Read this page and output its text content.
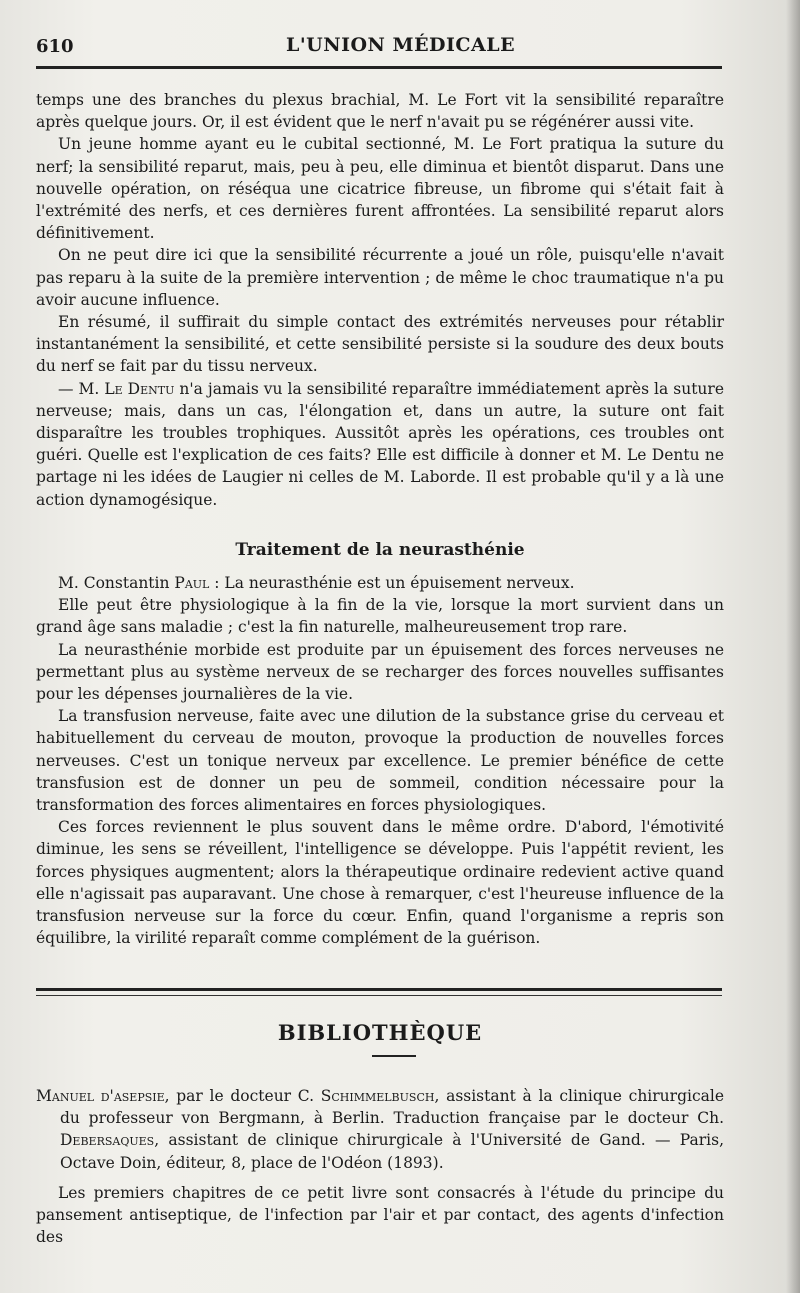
610	L'UNION MÉDICALE

temps une des branches du plexus brachial, M. Le Fort vit la sensibilité reparaître après quelque jours. Or, il est évident que le nerf n'avait pu se régénérer aussi vite.

Un jeune homme ayant eu le cubital sectionné, M. Le Fort pratiqua la suture du nerf; la sensibilité reparut, mais, peu à peu, elle diminua et bientôt disparut. Dans une nouvelle opération, on réséqua une cicatrice fibreuse, un fibrome qui s'était fait à l'extrémité des nerfs, et ces dernières furent affrontées. La sensibilité reparut alors définitivement.

On ne peut dire ici que la sensibilité récurrente a joué un rôle, puisqu'elle n'avait pas reparu à la suite de la première intervention ; de même le choc traumatique n'a pu avoir aucune influence.

En résumé, il suffirait du simple contact des extrémités nerveuses pour rétablir instantanément la sensibilité, et cette sensibilité persiste si la soudure des deux bouts du nerf se fait par du tissu nerveux.

— M. Le Dentu n'a jamais vu la sensibilité reparaître immédiatement après la suture nerveuse; mais, dans un cas, l'élongation et, dans un autre, la suture ont fait disparaître les troubles trophiques. Aussitôt après les opérations, ces troubles ont guéri. Quelle est l'explication de ces faits? Elle est difficile à donner et M. Le Dentu ne partage ni les idées de Laugier ni celles de M. Laborde. Il est probable qu'il y a là une action dynamogésique.

Traitement de la neurasthénie

M. Constantin Paul : La neurasthénie est un épuisement nerveux.

Elle peut être physiologique à la fin de la vie, lorsque la mort survient dans un grand âge sans maladie ; c'est la fin naturelle, malheureusement trop rare.

La neurasthénie morbide est produite par un épuisement des forces nerveuses ne permettant plus au système nerveux de se recharger des forces nouvelles suffisantes pour les dépenses journalières de la vie.

La transfusion nerveuse, faite avec une dilution de la substance grise du cerveau et habituellement du cerveau de mouton, provoque la production de nouvelles forces nerveuses. C'est un tonique nerveux par excellence. Le premier bénéfice de cette transfusion est de donner un peu de sommeil, condition nécessaire pour la transformation des forces alimentaires en forces physiologiques.

Ces forces reviennent le plus souvent dans le même ordre. D'abord, l'émotivité diminue, les sens se réveillent, l'intelligence se développe. Puis l'appétit revient, les forces physiques augmentent; alors la thérapeutique ordinaire redevient active quand elle n'agissait pas auparavant. Une chose à remarquer, c'est l'heureuse influence de la transfusion nerveuse sur la force du cœur. Enfin, quand l'organisme a repris son équilibre, la virilité reparaît comme complément de la guérison.

BIBLIOTHÈQUE

Manuel d'asepsie, par le docteur C. Schimmelbusch, assistant à la clinique chirurgicale du professeur von Bergmann, à Berlin. Traduction française par le docteur Ch. Debersaques, assistant de clinique chirurgicale à l'Université de Gand. — Paris, Octave Doin, éditeur, 8, place de l'Odéon (1893).

Les premiers chapitres de ce petit livre sont consacrés à l'étude du principe du pansement antiseptique, de l'infection par l'air et par contact, des agents d'infection des
